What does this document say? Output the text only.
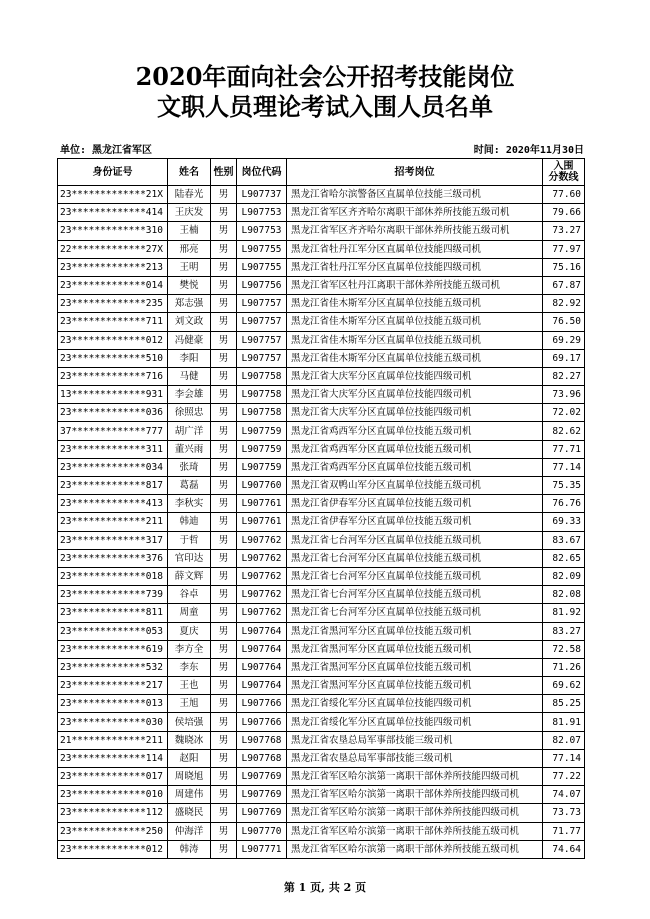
2020年面向社会公开招考技能岗位
文职人员理论考试入围人员名单
单位: 黑龙江省军区	时间: 2020年11月30日
身份证号	姓名	性别	岗位代码	招考岗位	入围
分数线

23*************21X	陆春光	男	L907737	黑龙江省哈尔滨警备区直属单位技能三级司机	77.60
23*************414	王庆发	男	L907753	黑龙江省军区齐齐哈尔离职干部休养所技能五级司机	79.66
23*************310	王楠	男	L907753	黑龙江省军区齐齐哈尔离职干部休养所技能五级司机	73.27
22*************27X	邢亮	男	L907755	黑龙江省牡丹江军分区直属单位技能四级司机	77.97
23*************213	王明	男	L907755	黑龙江省牡丹江军分区直属单位技能四级司机	75.16
23*************014	樊悦	男	L907756	黑龙江省军区牡丹江离职干部休养所技能五级司机	67.87
23*************235	郑志强	男	L907757	黑龙江省佳木斯军分区直属单位技能五级司机	82.92
23*************711	刘文政	男	L907757	黑龙江省佳木斯军分区直属单位技能五级司机	76.50
23*************012	冯健豪	男	L907757	黑龙江省佳木斯军分区直属单位技能五级司机	69.29
23*************510	李阳	男	L907757	黑龙江省佳木斯军分区直属单位技能五级司机	69.17
23*************716	马健	男	L907758	黑龙江省大庆军分区直属单位技能四级司机	82.27
13*************931	李会雄	男	L907758	黑龙江省大庆军分区直属单位技能四级司机	73.96
23*************036	徐照忠	男	L907758	黑龙江省大庆军分区直属单位技能四级司机	72.02
37*************777	胡广洋	男	L907759	黑龙江省鸡西军分区直属单位技能五级司机	82.62
23*************311	董兴雨	男	L907759	黑龙江省鸡西军分区直属单位技能五级司机	77.71
23*************034	张琦	男	L907759	黑龙江省鸡西军分区直属单位技能五级司机	77.14
23*************817	葛磊	男	L907760	黑龙江省双鸭山军分区直属单位技能五级司机	75.35
23*************413	李秋实	男	L907761	黑龙江省伊春军分区直属单位技能五级司机	76.76
23*************211	韩迪	男	L907761	黑龙江省伊春军分区直属单位技能五级司机	69.33
23*************317	于哲	男	L907762	黑龙江省七台河军分区直属单位技能五级司机	83.67
23*************376	官印达	男	L907762	黑龙江省七台河军分区直属单位技能五级司机	82.65
23*************018	薛文辉	男	L907762	黑龙江省七台河军分区直属单位技能五级司机	82.09
23*************739	谷卓	男	L907762	黑龙江省七台河军分区直属单位技能五级司机	82.08
23*************811	周童	男	L907762	黑龙江省七台河军分区直属单位技能五级司机	81.92
23*************053	夏庆	男	L907764	黑龙江省黑河军分区直属单位技能五级司机	83.27
23*************619	李方全	男	L907764	黑龙江省黑河军分区直属单位技能五级司机	72.58
23*************532	李东	男	L907764	黑龙江省黑河军分区直属单位技能五级司机	71.26
23*************217	王也	男	L907764	黑龙江省黑河军分区直属单位技能五级司机	69.62
23*************013	王旭	男	L907766	黑龙江省绥化军分区直属单位技能四级司机	85.25
23*************030	侯培强	男	L907766	黑龙江省绥化军分区直属单位技能四级司机	81.91
21*************211	魏晓冰	男	L907768	黑龙江省农垦总局军事部技能三级司机	82.07
23*************114	赵阳	男	L907768	黑龙江省农垦总局军事部技能三级司机	77.14
23*************017	周晓旭	男	L907769	黑龙江省军区哈尔滨第一离职干部休养所技能四级司机	77.22
23*************010	周建伟	男	L907769	黑龙江省军区哈尔滨第一离职干部休养所技能四级司机	74.07
23*************112	盛晓民	男	L907769	黑龙江省军区哈尔滨第一离职干部休养所技能四级司机	73.73
23*************250	仲海洋	男	L907770	黑龙江省军区哈尔滨第一离职干部休养所技能五级司机	71.77
23*************012	韩涛	男	L907771	黑龙江省军区哈尔滨第一离职干部休养所技能五级司机	74.64
第 1 页, 共 2 页
